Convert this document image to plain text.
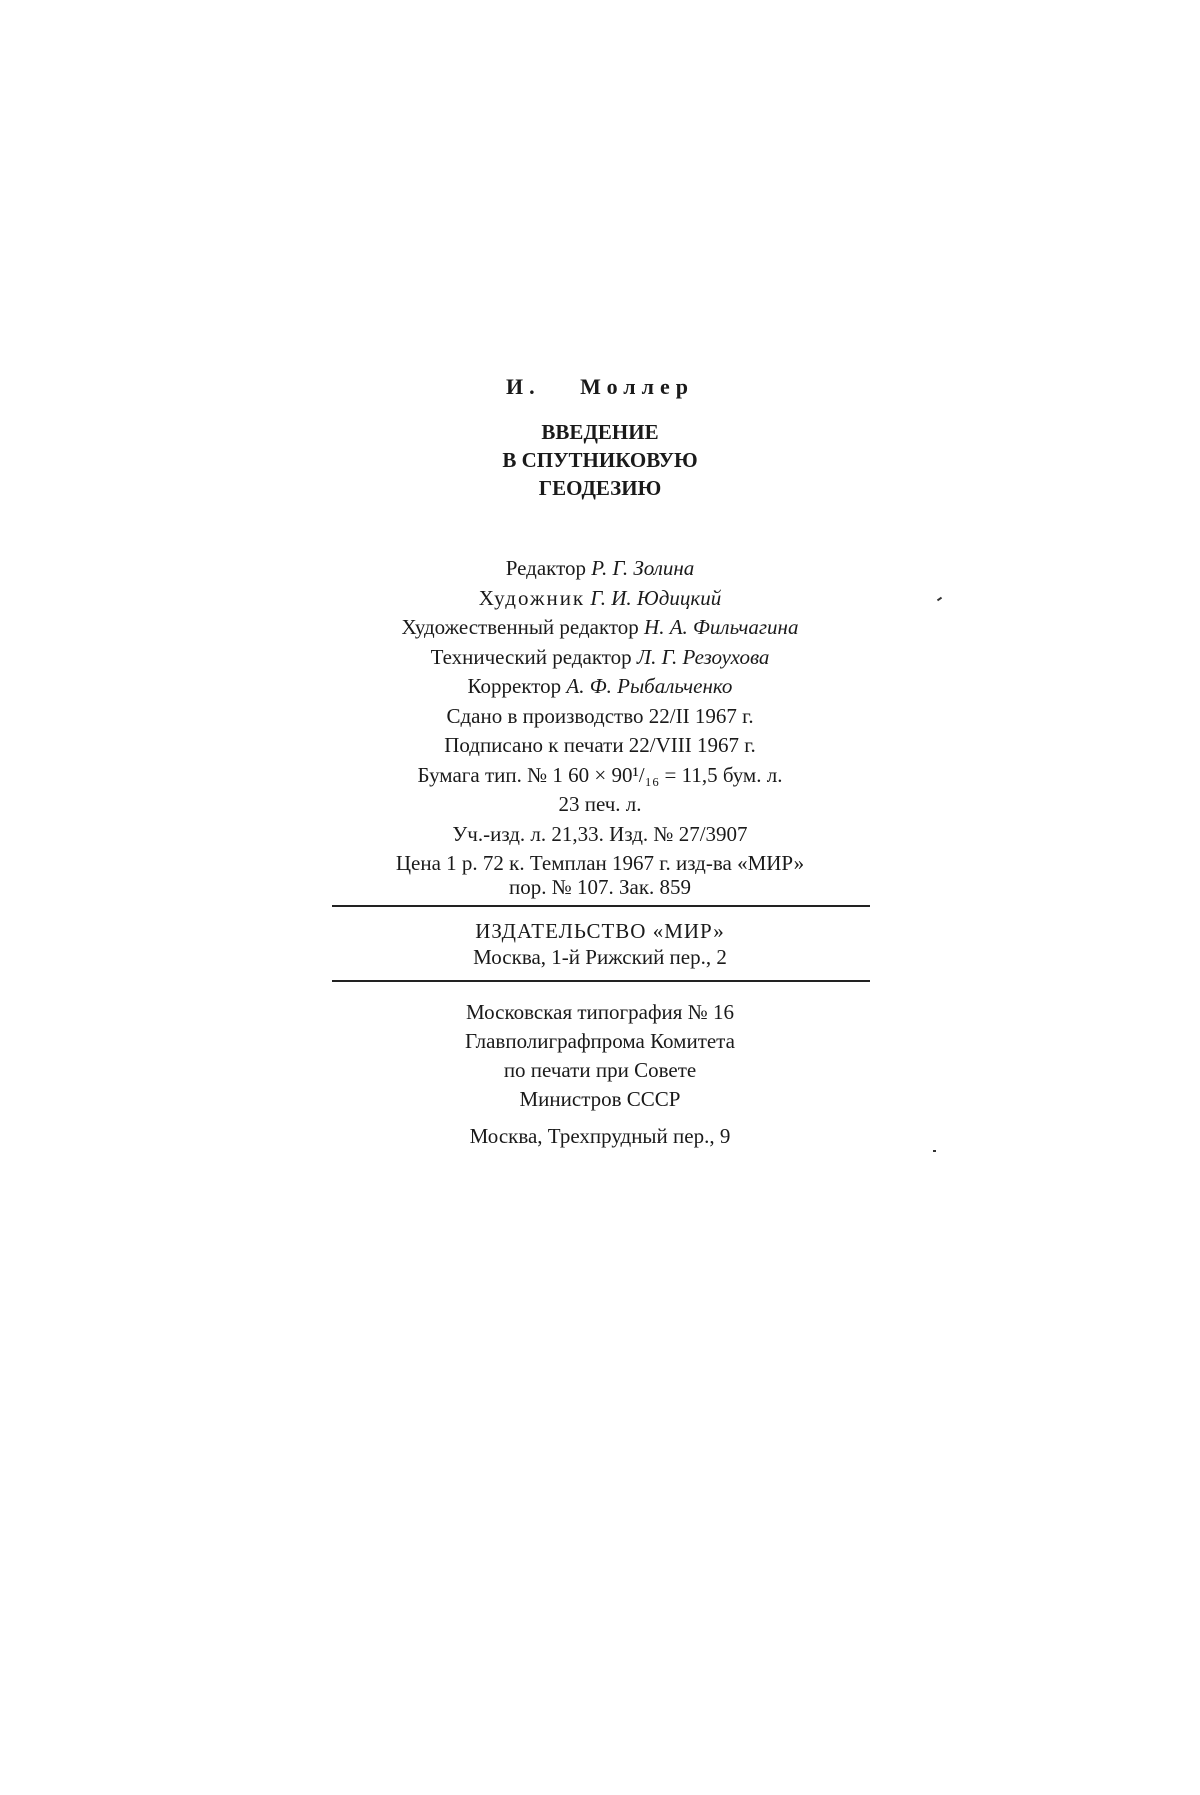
И. Моллер
ВВЕДЕНИЕ
В СПУТНИКОВУЮ
ГЕОДЕЗИЮ
Редактор Р. Г. Золина
Художник Г. И. Юдицкий
Художественный редактор Н. А. Фильчагина
Технический редактор Л. Г. Резоухова
Корректор А. Ф. Рыбальченко
Сдано в производство 22/II 1967 г.
Подписано к печати 22/VIII 1967 г.
Бумага тип. № 1 60 × 90¹/₁₆ = 11,5 бум. л.
23 печ. л.
Уч.-изд. л. 21,33. Изд. № 27/3907
Цена 1 р. 72 к. Темплан 1967 г. изд-ва «МИР»
пор. № 107. Зак. 859
ИЗДАТЕЛЬСТВО «МИР»
Москва, 1-й Рижский пер., 2
Московская типография № 16
Главполиграфпрома Комитета
по печати при Совете
Министров СССР
Москва, Трехпрудный пер., 9
